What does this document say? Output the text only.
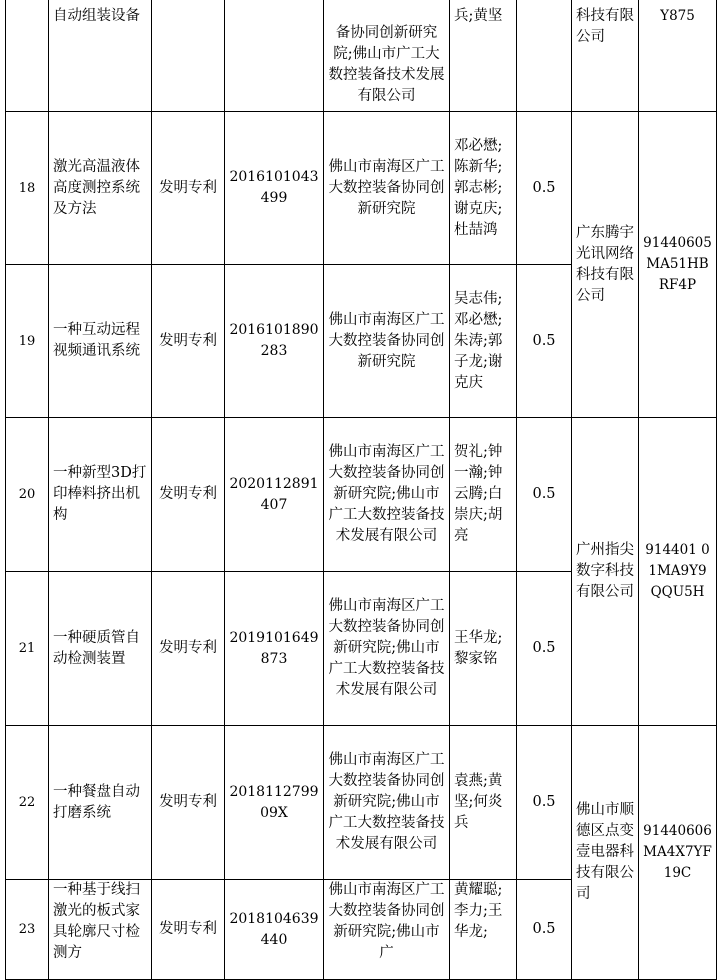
	自动组装设备			备协同创新研究院;佛山市广工大数控装备技术发展有限公司	兵;黄坚		科技有限公司	Y875
18	激光高温液体高度测控系统及方法	发明专利	2016101043499	佛山市南海区广工大数控装备协同创新研究院	邓必懋;陈新华;郭志彬;谢克庆;杜喆鸿	0.5	广东腾宇光讯网络科技有限公司	91440605MA51HBRF4P
19	一种互动远程视频通讯系统	发明专利	2016101890283	佛山市南海区广工大数控装备协同创新研究院	吴志伟;邓必懋;朱涛;郭子龙;谢克庆	0.5		
20	一种新型3D打印棒料挤出机构	发明专利	2020112891407	佛山市南海区广工大数控装备协同创新研究院;佛山市广工大数控装备技术发展有限公司	贺礼;钟一瀚;钟云腾;白崇庆;胡亮	0.5	广州指尖数字科技有限公司	914401 01MA9Y9QQU5H
21	一种硬质管自动检测装置	发明专利	2019101649873	佛山市南海区广工大数控装备协同创新研究院;佛山市广工大数控装备技术发展有限公司	王华龙;黎家铭	0.5		
22	一种餐盘自动打磨系统	发明专利	201811279909X	佛山市南海区广工大数控装备协同创新研究院;佛山市广工大数控装备技术发展有限公司	袁燕;黄坚;何炎兵	0.5	佛山市顺德区点变壹电器科技有限公司	91440606MA4X7YF19C
23	一种基于线扫激光的板式家具轮廓尺寸检测方	发明专利	2018104639440	佛山市南海区广工大数控装备协同创新研究院;佛山市广	黄耀聪;李力;王华龙;	0.5		
